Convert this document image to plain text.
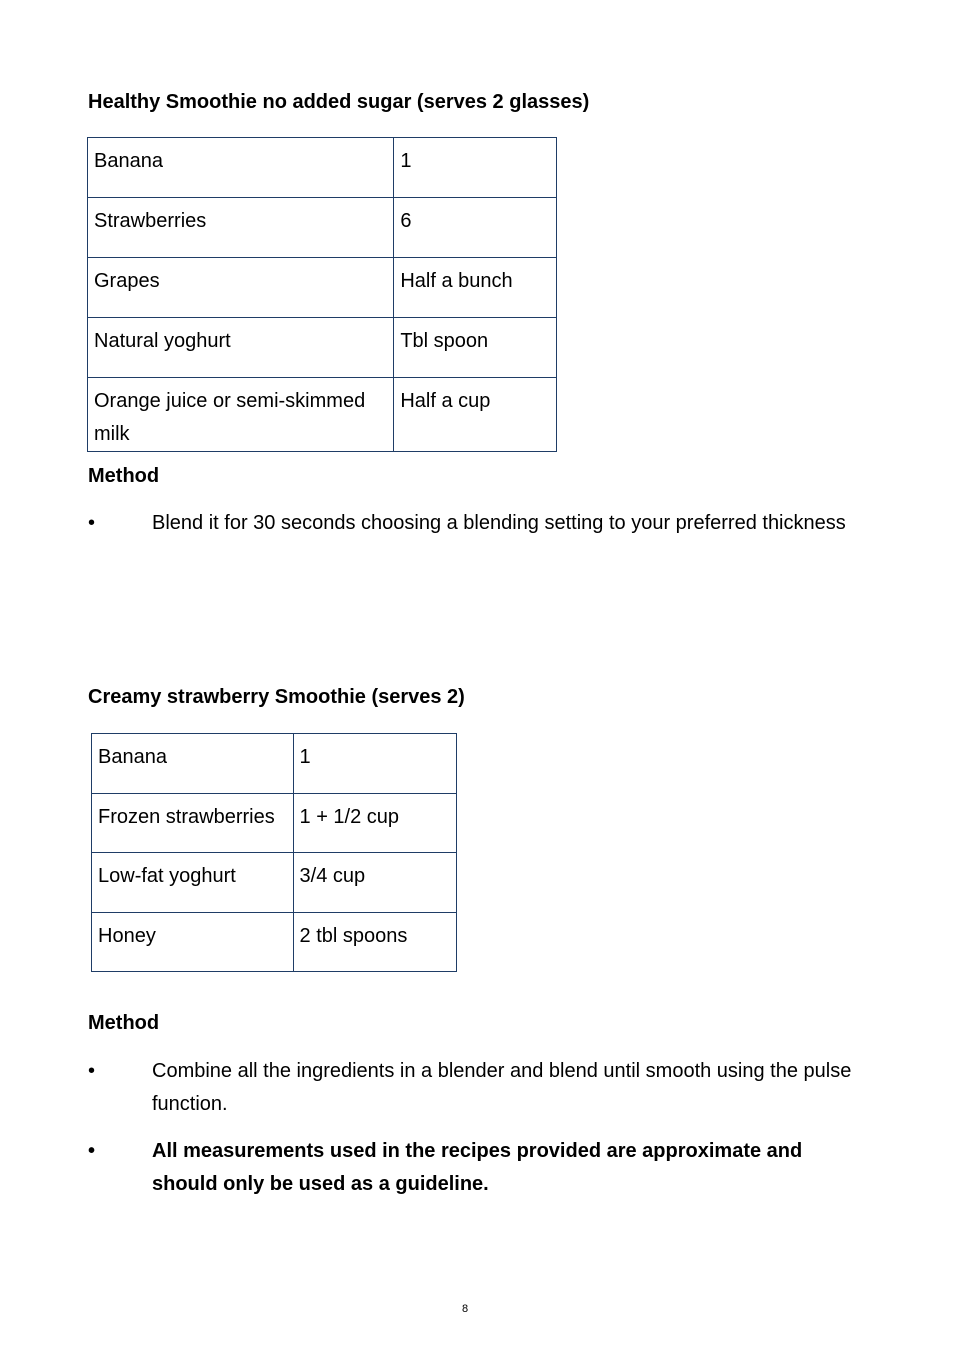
Healthy Smoothie no added sugar (serves 2 glasses)
Banana	1
Strawberries	6
Grapes	Half a bunch
Natural yoghurt	Tbl spoon
Orange juice or semi-skimmed milk	Half a cup
Method
•	Blend it for 30 seconds choosing a blending setting to your preferred thickness
Creamy strawberry Smoothie (serves 2)
Banana	1
Frozen strawberries	1 + 1/2 cup
Low-fat yoghurt	3/4 cup
Honey	2 tbl spoons
Method
•	Combine all the ingredients in a blender and blend until smooth using the pulse function.
•	All measurements used in the recipes provided are approximate and should only be used as a guideline.
8
